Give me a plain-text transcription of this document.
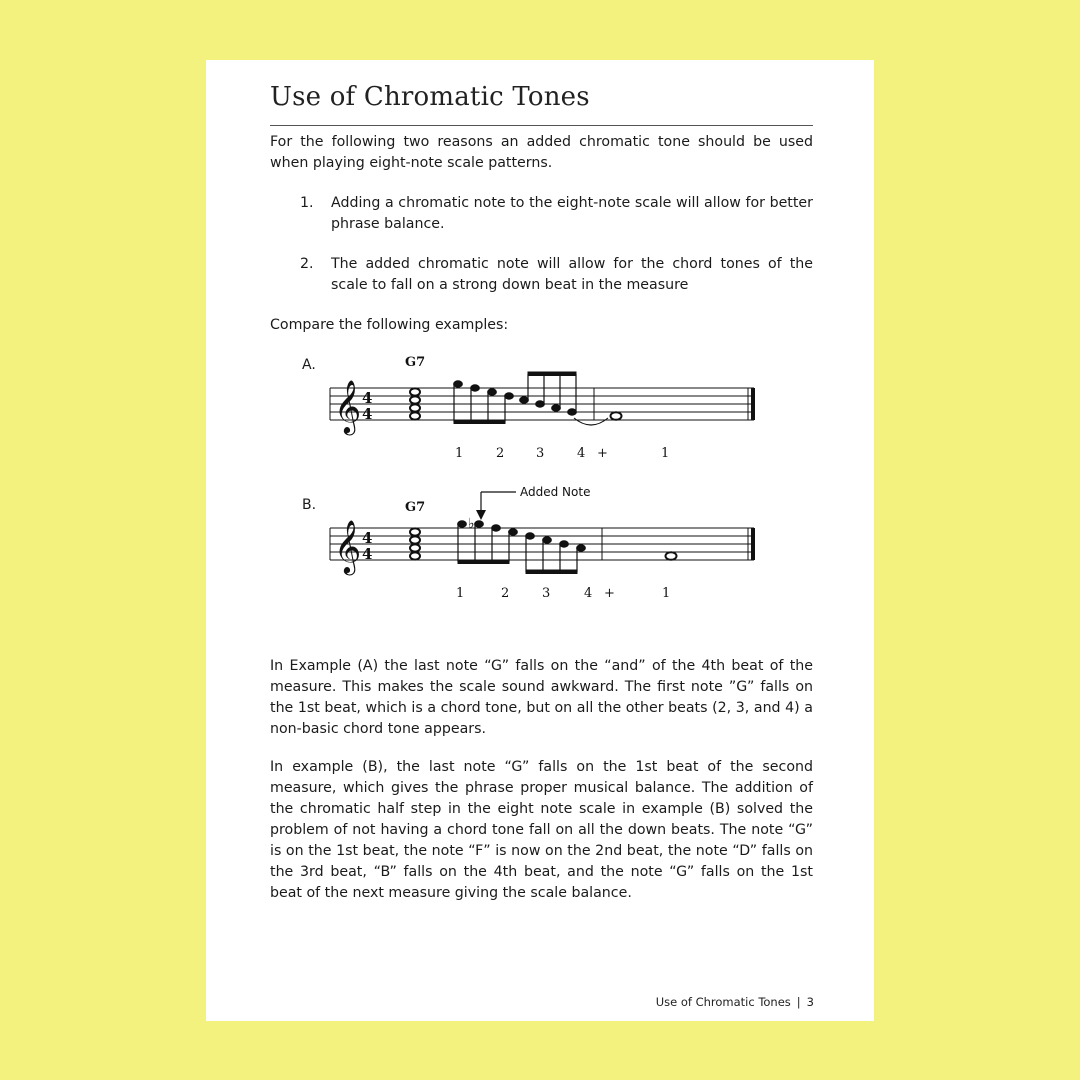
Use of Chromatic Tones

For the following two reasons an added chromatic tone should be used when playing eight-note scale patterns.

1.	Adding a chromatic note to the eight-note scale will allow for better phrase balance.
2.	The added chromatic note will allow for the chord tones of the scale to fall on a strong down beat in the measure

Compare the following examples:

A.	G7
𝄞 4
4
1	2 3	4 +	1
B.	G7
Added Note
𝄞 4
4
♭
1	2	3	4 +	1

In Example (A) the last note “G” falls on the “and” of the 4th beat of the measure. This makes the scale sound awkward. The first note ”G” falls on the 1st beat, which is a chord tone, but on all the other beats (2, 3, and 4) a non-basic chord tone appears.

In example (B), the last note “G” falls on the 1st beat of the second measure, which gives the phrase proper musical balance. The addition of the chromatic half step in the eight note scale in example (B) solved the problem of not having a chord tone fall on all the down beats. The note “G” is on the 1st beat, the note “F” is now on the 2nd beat, the note “D” falls on the 3rd beat, “B” falls on the 4th beat, and the note “G” falls on the 1st beat of the next measure giving the scale balance.

Use of Chromatic Tones | 3
